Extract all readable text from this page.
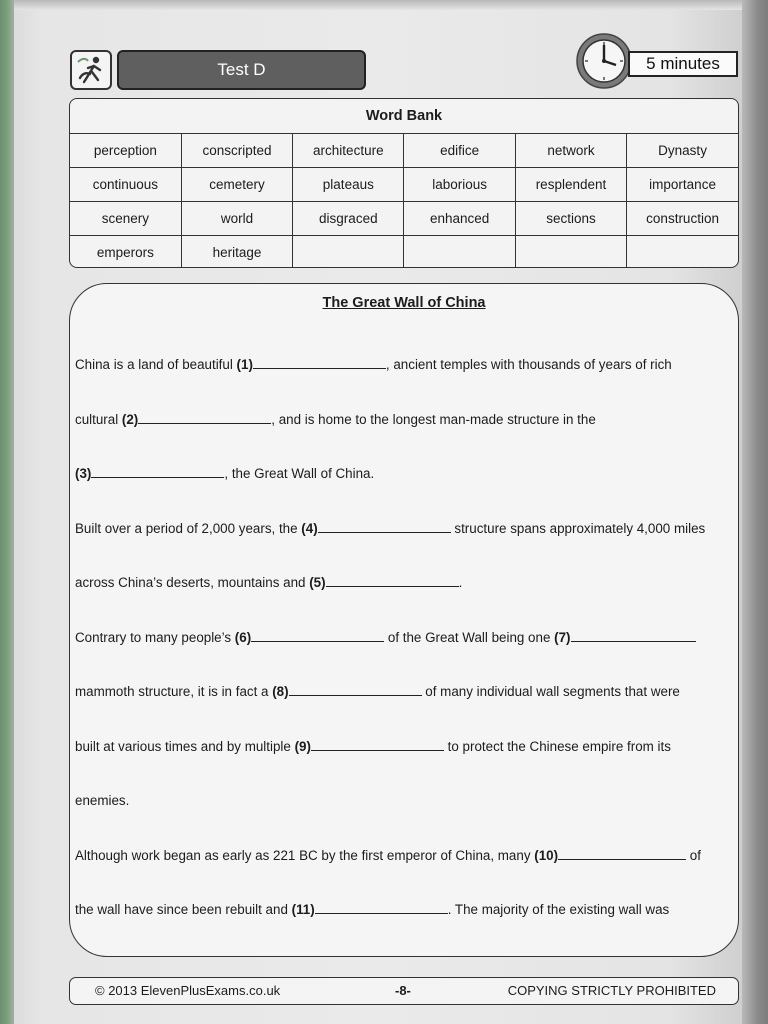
Test D	5 minutes
Word Bank
perception	conscripted	architecture	edifice	network	Dynasty
continuous	cemetery	plateaus	laborious	resplendent	importance
scenery	world	disgraced	enhanced	sections	construction
emperors	heritage				
The Great Wall of China
China is a land of beautiful (1)	, ancient temples with thousands of years of rich
cultural (2)	, and is home to the longest man-made structure in the
(3)	, the Great Wall of China.
Built over a period of 2,000 years, the (4)	structure spans approximately 4,000 miles
across China’s deserts, mountains and (5)	.
Contrary to many people’s (6)	of the Great Wall being one (7)
mammoth structure, it is in fact a (8)	of many individual wall segments that were
built at various times and by multiple (9)	to protect the Chinese empire from its
enemies.
Although work began as early as 221 BC by the first emperor of China, many (10)	of
the wall have since been rebuilt and (11)	. The majority of the existing wall was
© 2013 ElevenPlusExams.co.uk	-8-	COPYING STRICTLY PROHIBITED
